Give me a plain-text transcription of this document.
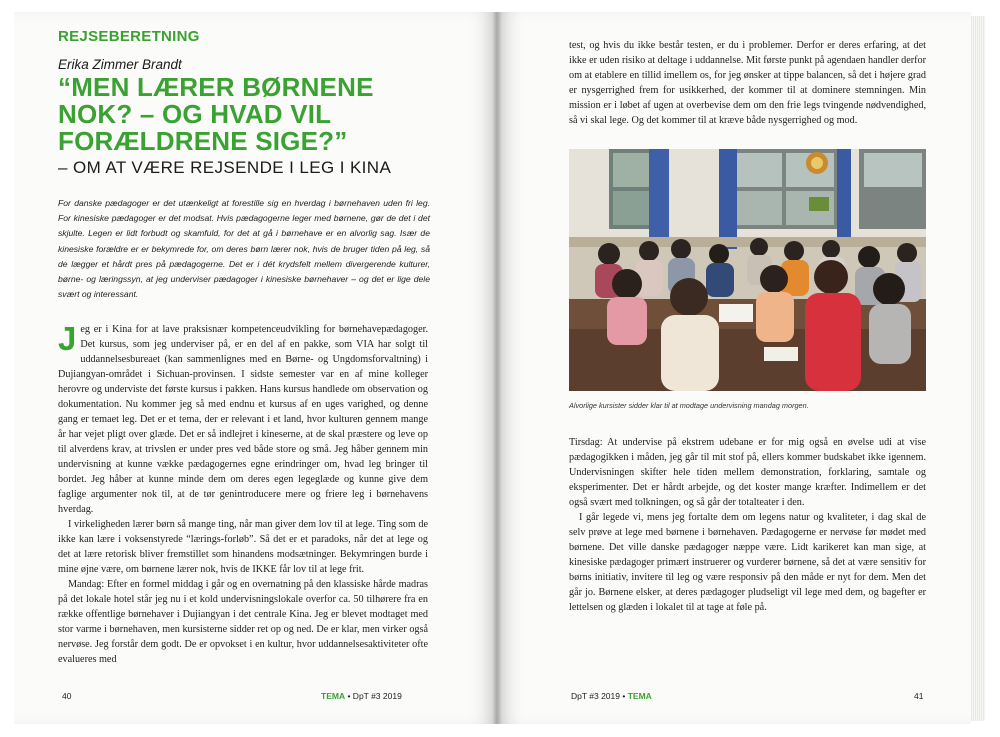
REJSEBERETNING
Erika Zimmer Brandt
“MEN LÆRER BØRNENE
NOK? – OG HVAD VIL
FORÆLDRENE SIGE?”
– OM AT VÆRE REJSENDE I LEG I KINA
For danske pædagoger er det utænkeligt at forestille sig en hverdag i børnehaven uden fri leg. For kinesiske pædagoger er det modsat. Hvis pædagogerne leger med børnene, gør de det i det skjulte. Legen er lidt forbudt og skamfuld, for det at gå i børnehave er en alvorlig sag. Især de kinesiske forældre er er bekymrede for, om deres børn lærer nok, hvis de bruger tiden på leg, så de lægger et hårdt pres på pædagogerne. Det er i dét krydsfelt mellem divergerende kulturer, børne- og læringssyn, at jeg underviser pædagoger i kinesiske børnehaver – og det er lige dele svært og interessant.

Jeg er i Kina for at lave praksisnær kompetenceudvikling for børnehavepædagoger. Det kursus, som jeg underviser på, er en del af en pakke, som VIA har solgt til uddannelsesbureaet (kan sammenlignes med en Børne- og Ungdomsforvaltning) i Dujiangyan-området i Sichuan-provinsen. I sidste semester var en af mine kolleger herovre og underviste det første kursus i pakken. Hans kursus handlede om observation og dokumentation. Nu kommer jeg så med endnu et kursus af en uges varighed, og denne gang er temaet leg. Det er et tema, der er relevant i et land, hvor kulturen gennem mange år har vejet pligt over glæde. Det er så indlejret i kineserne, at de skal præstere og leve op til alverdens krav, at trivslen er under pres ved både store og små. Jeg håber gennem min undervisning at kunne vække pædagogernes egne erindringer om, hvad leg bringer til bordet. Jeg håber at kunne minde dem om deres egen legeglæde og kunne give dem faglige argumenter nok til, at de tør genintroducere mere og friere leg i børnehavens hverdag.

I virkeligheden lærer børn så mange ting, når man giver dem lov til at lege. Ting som de ikke kan lære i voksenstyrede “lærings-forløb”. Så det er et paradoks, når det at lege og det at lære retorisk bliver fremstillet som hinandens modsætninger. Bekymringen burde i mine øjne være, om børnene lærer nok, hvis de IKKE får lov til at lege frit.

Mandag: Efter en formel middag i går og en overnatning på den klassiske hårde madras på det lokale hotel står jeg nu i et kold undervisningslokale overfor ca. 50 tilhørere fra en række offentlige børnehaver i Dujiangyan i det centrale Kina. Jeg er blevet modtaget med stor varme i børnehaven, men kursisterne sidder ret op og ned. De er klar, men virker også nervøse. Jeg forstår dem godt. De er opvokset i en kultur, hvor uddannelsesaktiviteter ofte evalueres med

40	TEMA • DpT #3 2019

test, og hvis du ikke består testen, er du i problemer. Derfor er deres erfaring, at det ikke er uden risiko at deltage i uddannelse. Mit første punkt på agendaen handler derfor om at etablere en tillid imellem os, for jeg ønsker at tippe balancen, så det i højere grad er nysgerrighed frem for usikkerhed, der kommer til at dominere stemningen. Min mission er i løbet af ugen at overbevise dem om den frie legs tvingende nødvendighed, så vi skal lege. Og det kommer til at kræve både nysgerrighed og mod.

Alvorlige kursister sidder klar til at modtage undervisning mandag morgen.

Tirsdag: At undervise på ekstrem udebane er for mig også en øvelse udi at vise pædagogikken i måden, jeg går til mit stof på, ellers kommer budskabet ikke igennem. Undervisningen skifter hele tiden mellem demonstration, forklaring, samtale og eksperimenter. Det er hårdt arbejde, og det koster mange kræfter. Indimellem er det også svært med tolkningen, og så går der totalteater i den.

I går legede vi, mens jeg fortalte dem om legens natur og kvaliteter, i dag skal de selv prøve at lege med børnene i børnehaven. Pædagogerne er nervøse før mødet med børnene. Det ville danske pædagoger næppe være. Lidt karikeret kan man sige, at kinesiske pædagoger primært instruerer og vurderer børnene, så det at være sensitiv for børns initiativ, invitere til leg og være responsiv på den måde er nyt for dem. Men det går jo. Børnene elsker, at deres pædagoger pludseligt vil lege med dem, og bagefter er lettelsen og glæden i lokalet til at tage at føle på.

DpT #3 2019 • TEMA	41
